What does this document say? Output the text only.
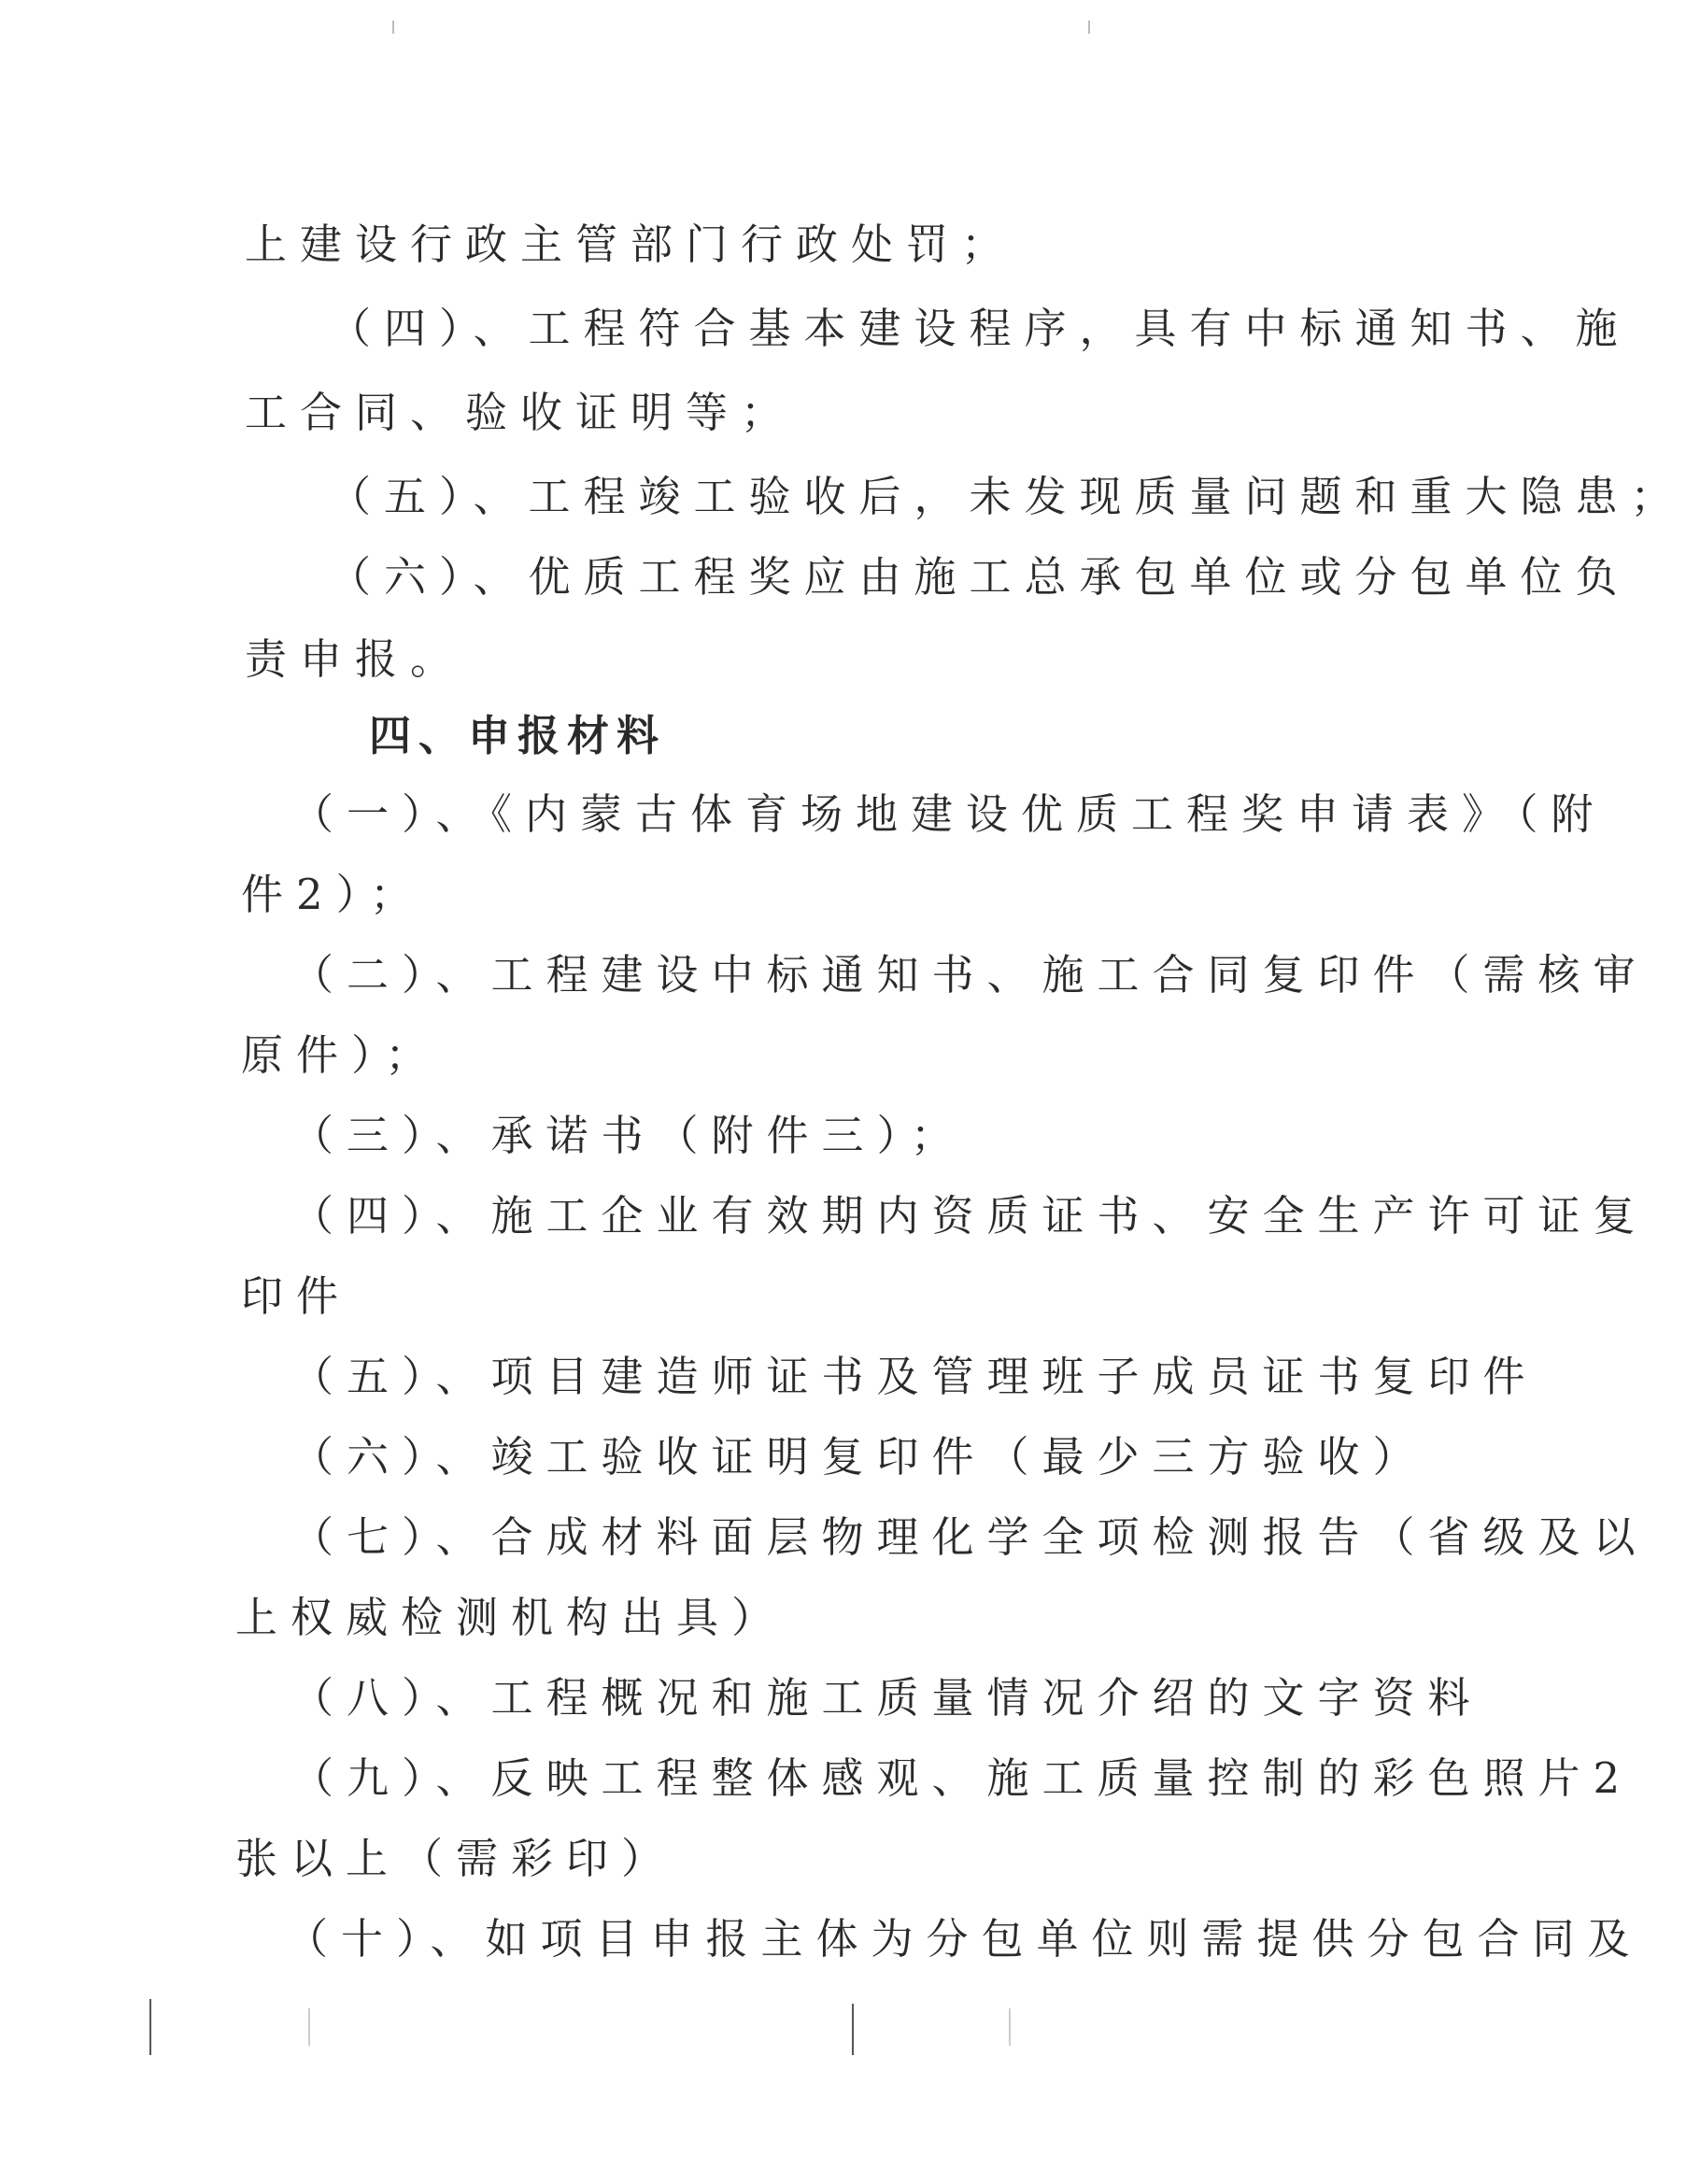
上建设行政主管部门行政处罚；
（四）、工程符合基本建设程序，具有中标通知书、施
工合同、验收证明等；
（五）、工程竣工验收后，未发现质量问题和重大隐患；
（六）、优质工程奖应由施工总承包单位或分包单位负
责申报。
四、申报材料
（一）、《内蒙古体育场地建设优质工程奖申请表》（附
件2）；
（二）、工程建设中标通知书、施工合同复印件（需核审
原件）；
（三）、承诺书（附件三）；
（四）、施工企业有效期内资质证书、安全生产许可证复
印件
（五）、项目建造师证书及管理班子成员证书复印件
（六）、竣工验收证明复印件（最少三方验收）
（七）、合成材料面层物理化学全项检测报告（省级及以
上权威检测机构出具）
（八）、工程概况和施工质量情况介绍的文字资料
（九）、反映工程整体感观、施工质量控制的彩色照片2
张以上（需彩印）
（十）、如项目申报主体为分包单位则需提供分包合同及
